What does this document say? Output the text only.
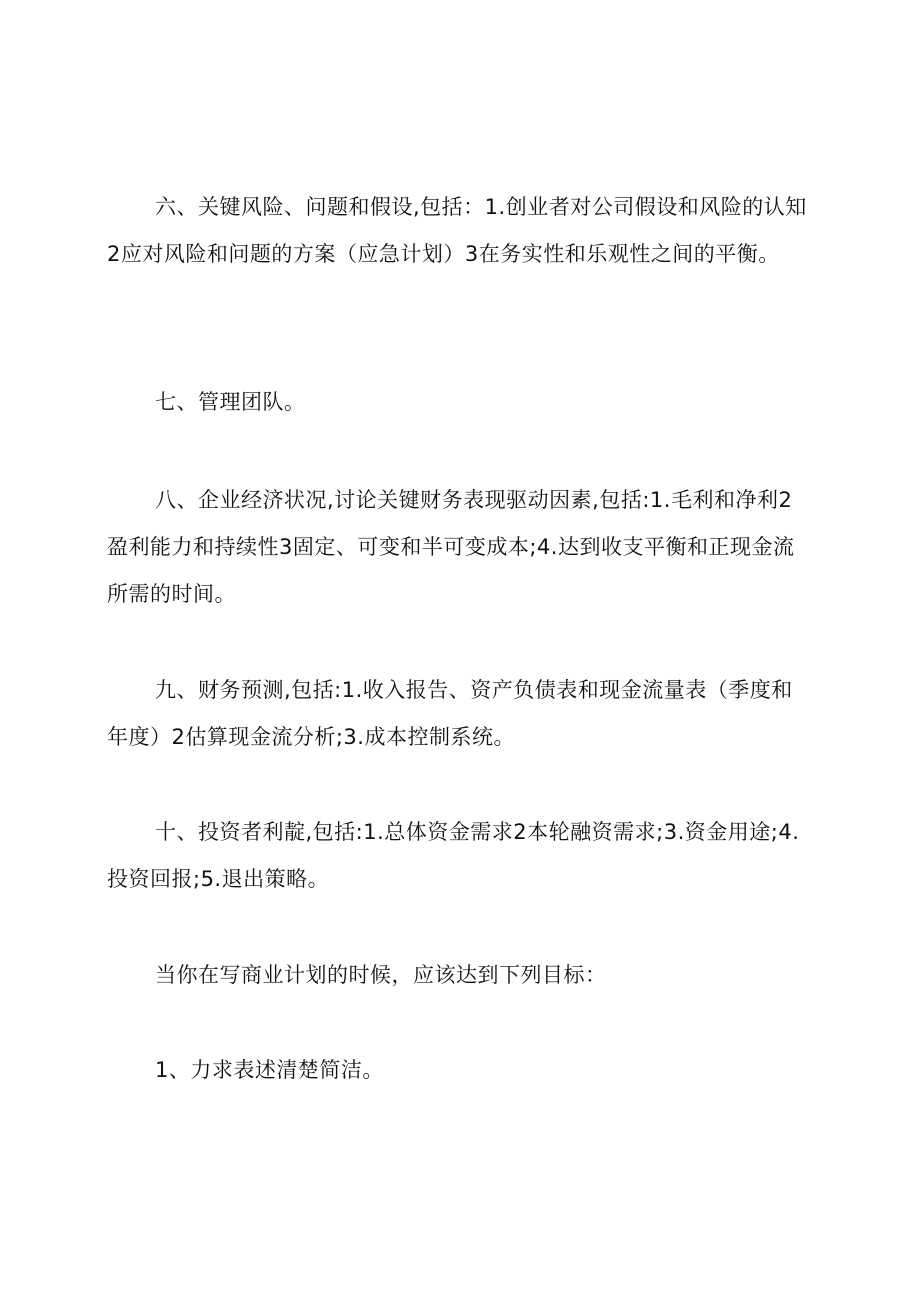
六、关键风险、问题和假设,包括：1.创业者对公司假设和风险的认知2应对风险和问题的方案（应急计划）3在务实性和乐观性之间的平衡。

七、管理团队。

八、企业经济状况,讨论关键财务表现驱动因素,包括:1.毛利和净利2盈利能力和持续性3固定、可变和半可变成本;4.达到收支平衡和正现金流所需的时间。

九、财务预测,包括:1.收入报告、资产负债表和现金流量表（季度和年度）2估算现金流分析;3.成本控制系统。

十、投资者利靛,包括:1.总体资金需求2本轮融资需求;3.资金用途;4.投资回报;5.退出策略。

当你在写商业计划的时候，应该达到下列目标：

1、力求表述清楚简洁。
